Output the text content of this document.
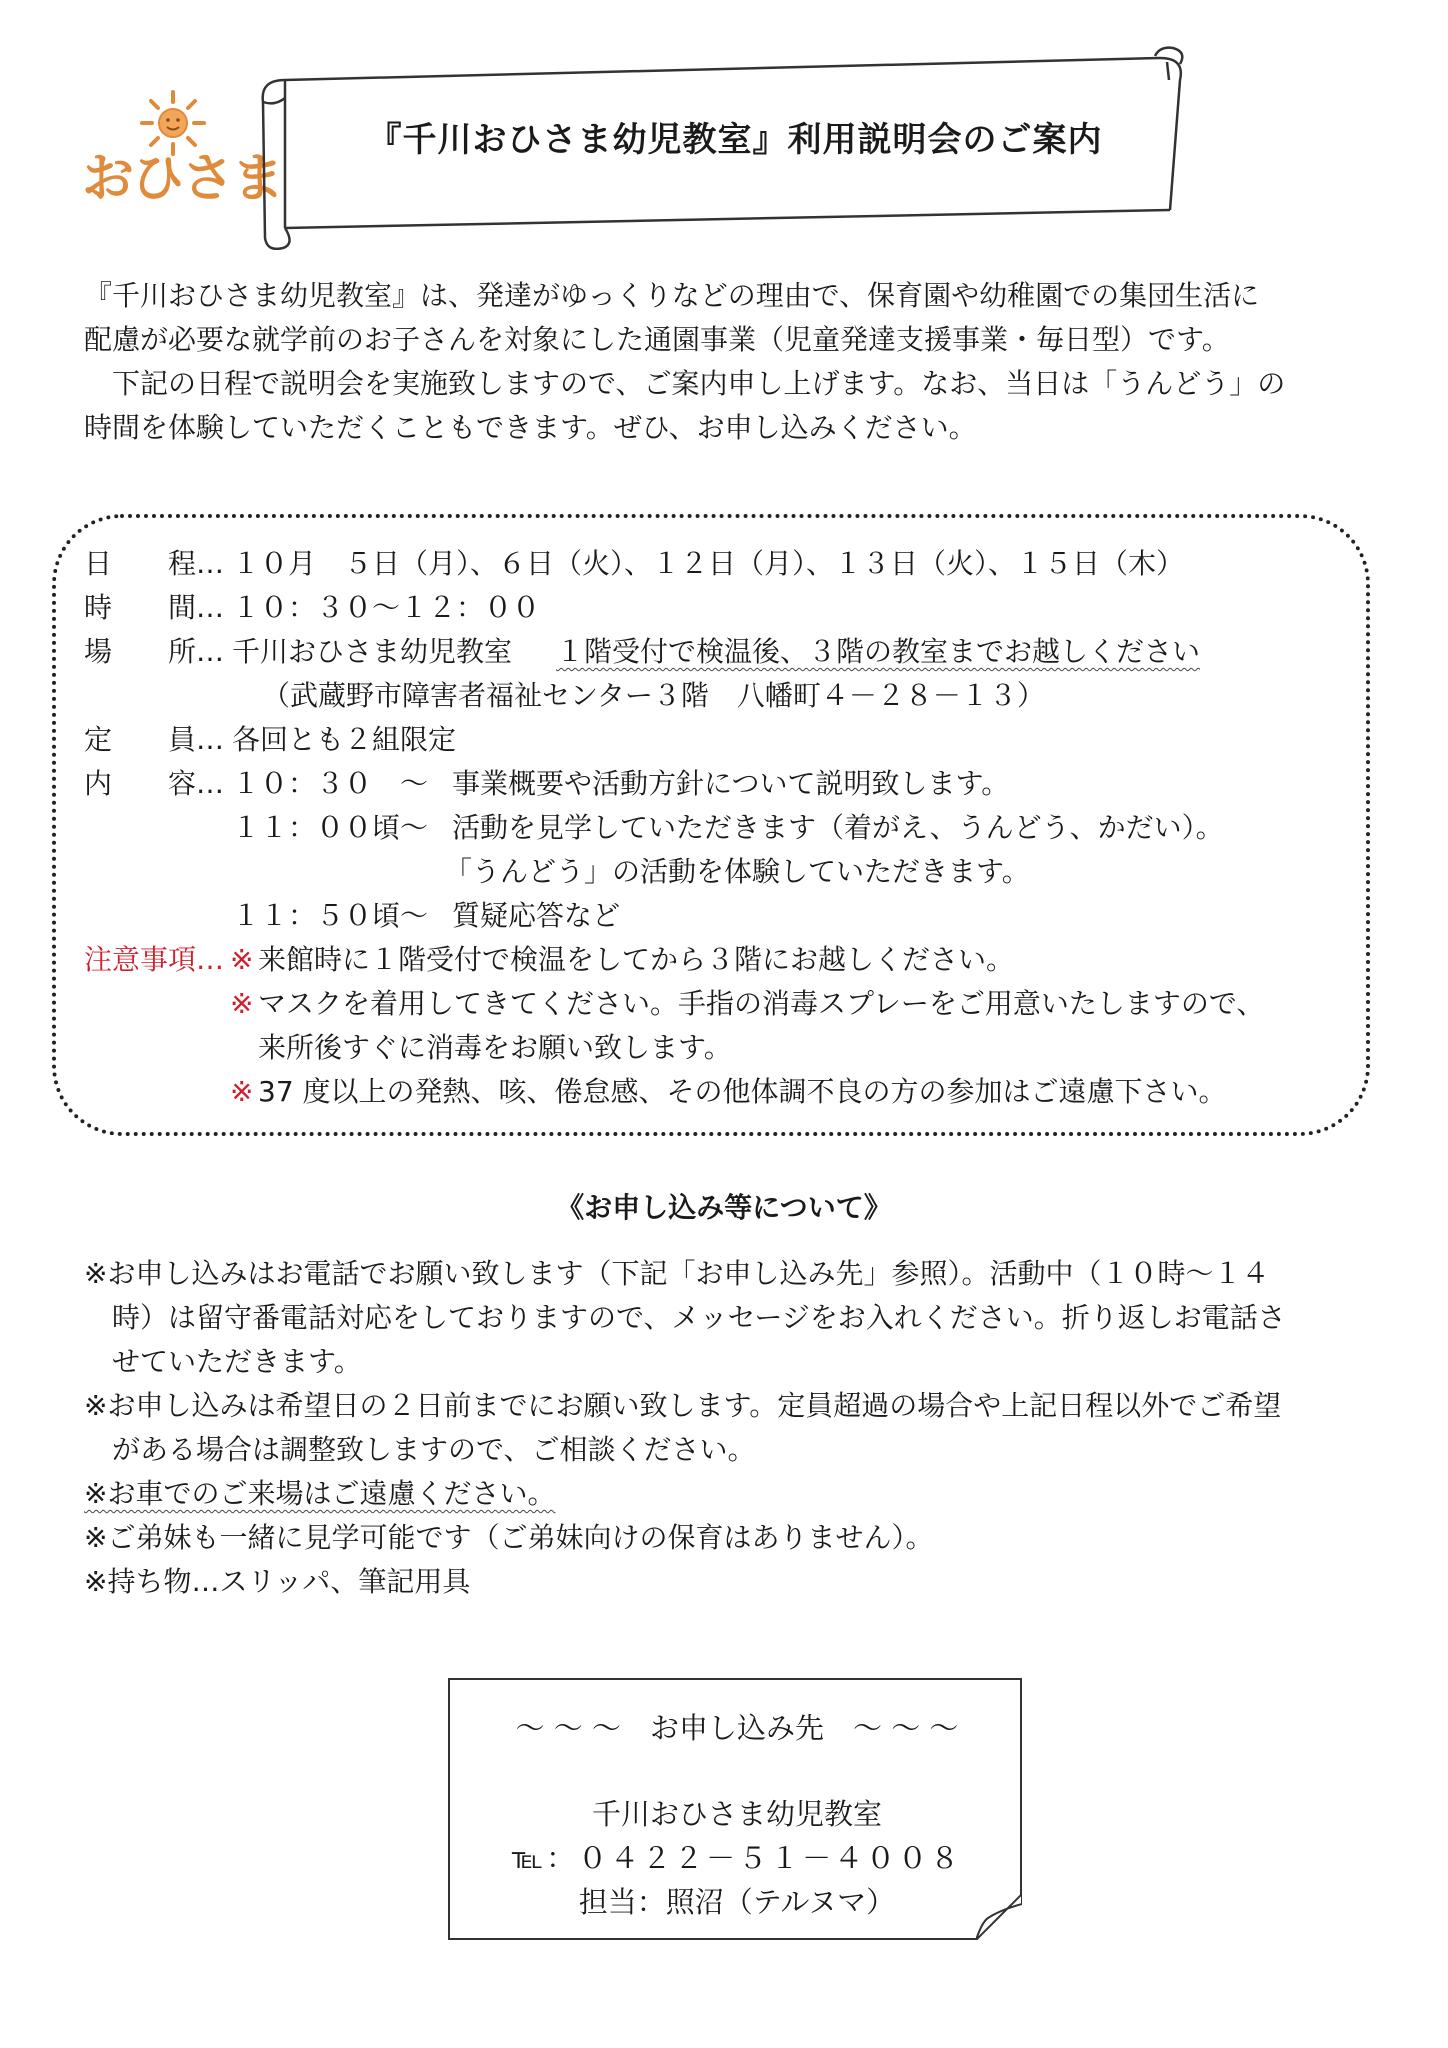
おひさま
『千川おひさま幼児教室』利用説明会のご案内
『千川おひさま幼児教室』は、発達がゆっくりなどの理由で、保育園や幼稚園での集団生活に
配慮が必要な就学前のお子さんを対象にした通園事業（児童発達支援事業・毎日型）です。
下記の日程で説明会を実施致しますので、ご案内申し上げます。なお、当日は「うんどう」の
時間を体験していただくこともできます。ぜひ、お申し込みください。
日　　程… １０月　５日（月）、６日（火）、１２日（月）、１３日（火）、１５日（木）
時　　間… １０：３０～１２：００
場　　所… 千川おひさま幼児教室 １階受付で検温後、３階の教室までお越しください
（武蔵野市障害者福祉センター３階　八幡町４－２８－１３）
定　　員… 各回とも２組限定
内　　容… １０：３０　～ 事業概要や活動方針について説明致します。
１１：００頃～ 活動を見学していただきます（着がえ、うんどう、かだい）。
「うんどう」の活動を体験していただきます。
１１：５０頃～ 質疑応答など
注意事項… ※ 来館時に１階受付で検温をしてから３階にお越しください。
※ マスクを着用してきてください。手指の消毒スプレーをご用意いたしますので、
来所後すぐに消毒をお願い致します。
※ 37 度以上の発熱、咳、倦怠感、その他体調不良の方の参加はご遠慮下さい。
《お申し込み等について》
※お申し込みはお電話でお願い致します（下記「お申し込み先」参照）。活動中（１０時～１４
時）は留守番電話対応をしておりますので、メッセージをお入れください。折り返しお電話さ
せていただきます。
※お申し込みは希望日の２日前までにお願い致します。定員超過の場合や上記日程以外でご希望
がある場合は調整致しますので、ご相談ください。
※お車でのご来場はご遠慮ください。
※ご弟妹も一緒に見学可能です（ご弟妹向けの保育はありません）。
※持ち物…スリッパ、筆記用具
～ ～ ～　お申し込み先　～ ～ ～
千川おひさま幼児教室
℡：０４２２－５１－４００８
担当：照沼（テルヌマ）
